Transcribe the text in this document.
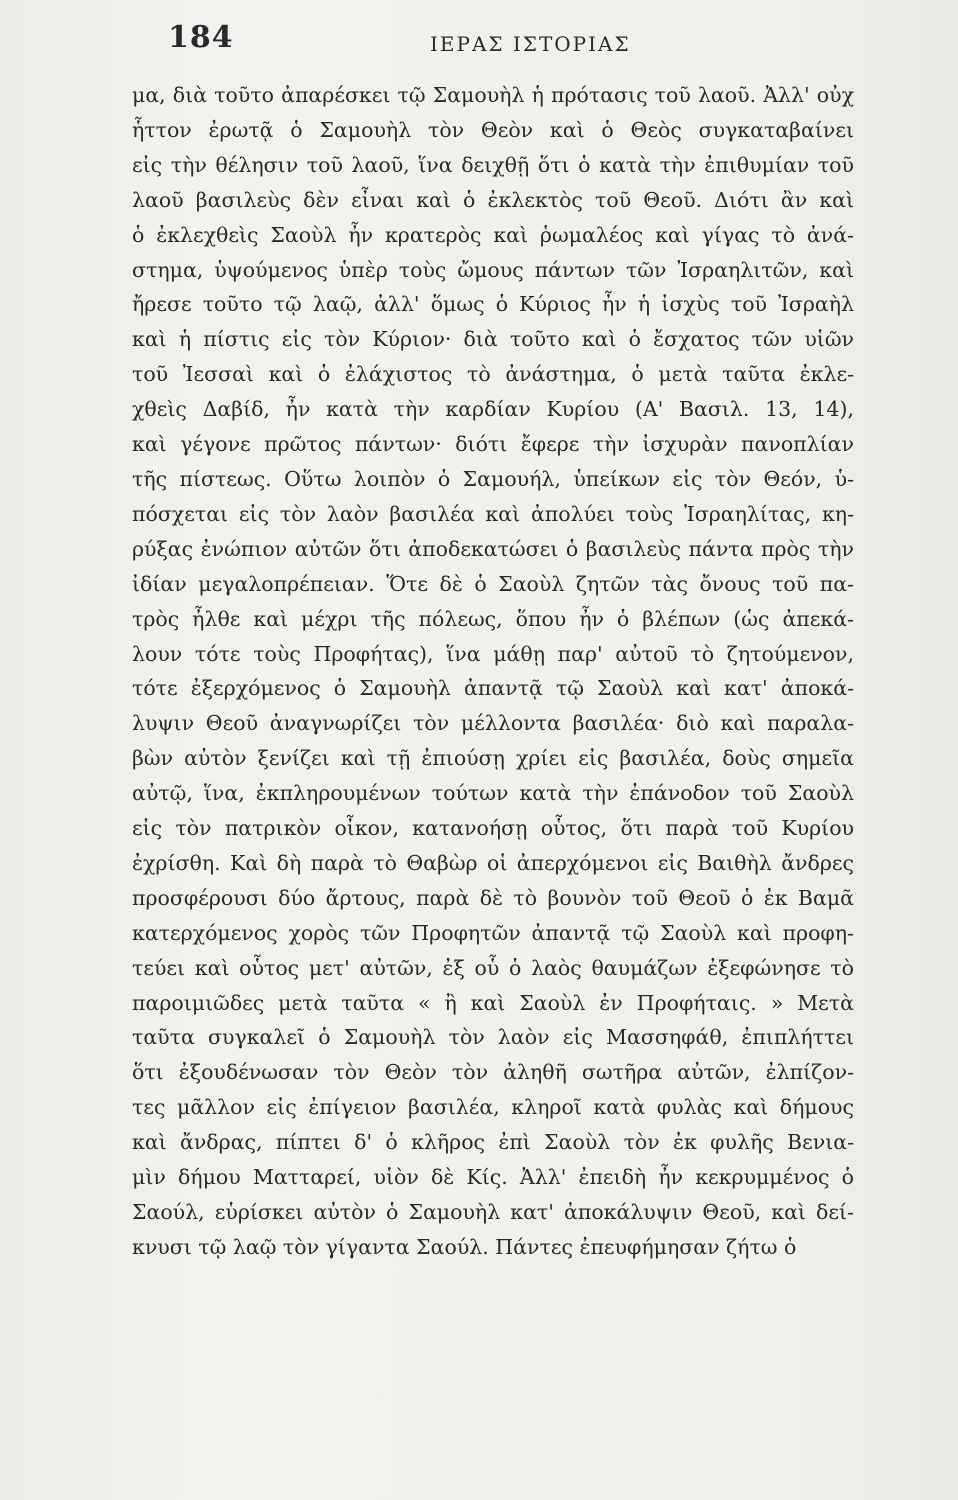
184	ΙΕΡΑΣ ΙΣΤΟΡΙΑΣ
μα, διὰ τοῦτο ἀπαρέσκει τῷ Σαμουὴλ ἡ πρότασις τοῦ λαοῦ. Ἀλλ' οὐχ
ἧττον ἐρωτᾷ ὁ Σαμουὴλ τὸν Θεὸν καὶ ὁ Θεὸς συγκαταβαίνει
εἰς τὴν θέλησιν τοῦ λαοῦ, ἵνα δειχθῇ ὅτι ὁ κατὰ τὴν ἐπιθυμίαν τοῦ
λαοῦ βασιλεὺς δὲν εἶναι καὶ ὁ ἐκλεκτὸς τοῦ Θεοῦ. Διότι ἂν καὶ
ὁ ἐκλεχθεὶς Σαοὺλ ἦν κρατερὸς καὶ ῥωμαλέος καὶ γίγας τὸ ἀνά-
στημα, ὑψούμενος ὑπὲρ τοὺς ὤμους πάντων τῶν Ἰσραηλιτῶν, καὶ
ἤρεσε τοῦτο τῷ λαῷ, ἀλλ' ὅμως ὁ Κύριος ἦν ἡ ἰσχὺς τοῦ Ἰσραὴλ
καὶ ἡ πίστις εἰς τὸν Κύριον· διὰ τοῦτο καὶ ὁ ἔσχατος τῶν υἱῶν
τοῦ Ἰεσσαὶ καὶ ὁ ἐλάχιστος τὸ ἀνάστημα, ὁ μετὰ ταῦτα ἐκλε-
χθεὶς Δαβίδ, ἦν κατὰ τὴν καρδίαν Κυρίου (Α' Βασιλ. 13, 14),
καὶ γέγονε πρῶτος πάντων· διότι ἔφερε τὴν ἰσχυρὰν πανοπλίαν
τῆς πίστεως. Οὕτω λοιπὸν ὁ Σαμουήλ, ὑπείκων εἰς τὸν Θεόν, ὑ-
πόσχεται εἰς τὸν λαὸν βασιλέα καὶ ἀπολύει τοὺς Ἰσραηλίτας, κη-
ρύξας ἐνώπιον αὐτῶν ὅτι ἀποδεκατώσει ὁ βασιλεὺς πάντα πρὸς τὴν
ἰδίαν μεγαλοπρέπειαν. Ὅτε δὲ ὁ Σαοὺλ ζητῶν τὰς ὄνους τοῦ πα-
τρὸς ἦλθε καὶ μέχρι τῆς πόλεως, ὅπου ἦν ὁ βλέπων (ὡς ἀπεκά-
λουν τότε τοὺς Προφήτας), ἵνα μάθῃ παρ' αὐτοῦ τὸ ζητούμενον,
τότε ἐξερχόμενος ὁ Σαμουὴλ ἀπαντᾷ τῷ Σαοὺλ καὶ κατ' ἀποκά-
λυψιν Θεοῦ ἀναγνωρίζει τὸν μέλλοντα βασιλέα· διὸ καὶ παραλα-
βὼν αὐτὸν ξενίζει καὶ τῇ ἐπιούσῃ χρίει εἰς βασιλέα, δοὺς σημεῖα
αὐτῷ, ἵνα, ἐκπληρουμένων τούτων κατὰ τὴν ἐπάνοδον τοῦ Σαοὺλ
εἰς τὸν πατρικὸν οἶκον, κατανοήσῃ οὗτος, ὅτι παρὰ τοῦ Κυρίου
ἐχρίσθη. Καὶ δὴ παρὰ τὸ Θαβὼρ οἱ ἀπερχόμενοι εἰς Βαιθὴλ ἄνδρες
προσφέρουσι δύο ἄρτους, παρὰ δὲ τὸ βουνὸν τοῦ Θεοῦ ὁ ἐκ Βαμᾶ
κατερχόμενος χορὸς τῶν Προφητῶν ἀπαντᾷ τῷ Σαοὺλ καὶ προφη-
τεύει καὶ οὗτος μετ' αὐτῶν, ἐξ οὗ ὁ λαὸς θαυμάζων ἐξεφώνησε τὸ
παροιμιῶδες μετὰ ταῦτα « ἢ καὶ Σαοὺλ ἐν Προφήταις. » Μετὰ
ταῦτα συγκαλεῖ ὁ Σαμουὴλ τὸν λαὸν εἰς Μασσηφάθ, ἐπιπλήττει
ὅτι ἐξουδένωσαν τὸν Θεὸν τὸν ἀληθῆ σωτῆρα αὐτῶν, ἐλπίζον-
τες μᾶλλον εἰς ἐπίγειον βασιλέα, κληροῖ κατὰ φυλὰς καὶ δήμους
καὶ ἄνδρας, πίπτει δ' ὁ κλῆρος ἐπὶ Σαοὺλ τὸν ἐκ φυλῆς Βενια-
μὶν δήμου Ματταρεί, υἱὸν δὲ Κίς. Ἀλλ' ἐπειδὴ ἦν κεκρυμμένος ὁ
Σαούλ, εὑρίσκει αὐτὸν ὁ Σαμουὴλ κατ' ἀποκάλυψιν Θεοῦ, καὶ δεί-
κνυσι τῷ λαῷ τὸν γίγαντα Σαούλ. Πάντες ἐπευφήμησαν ζήτω ὁ
